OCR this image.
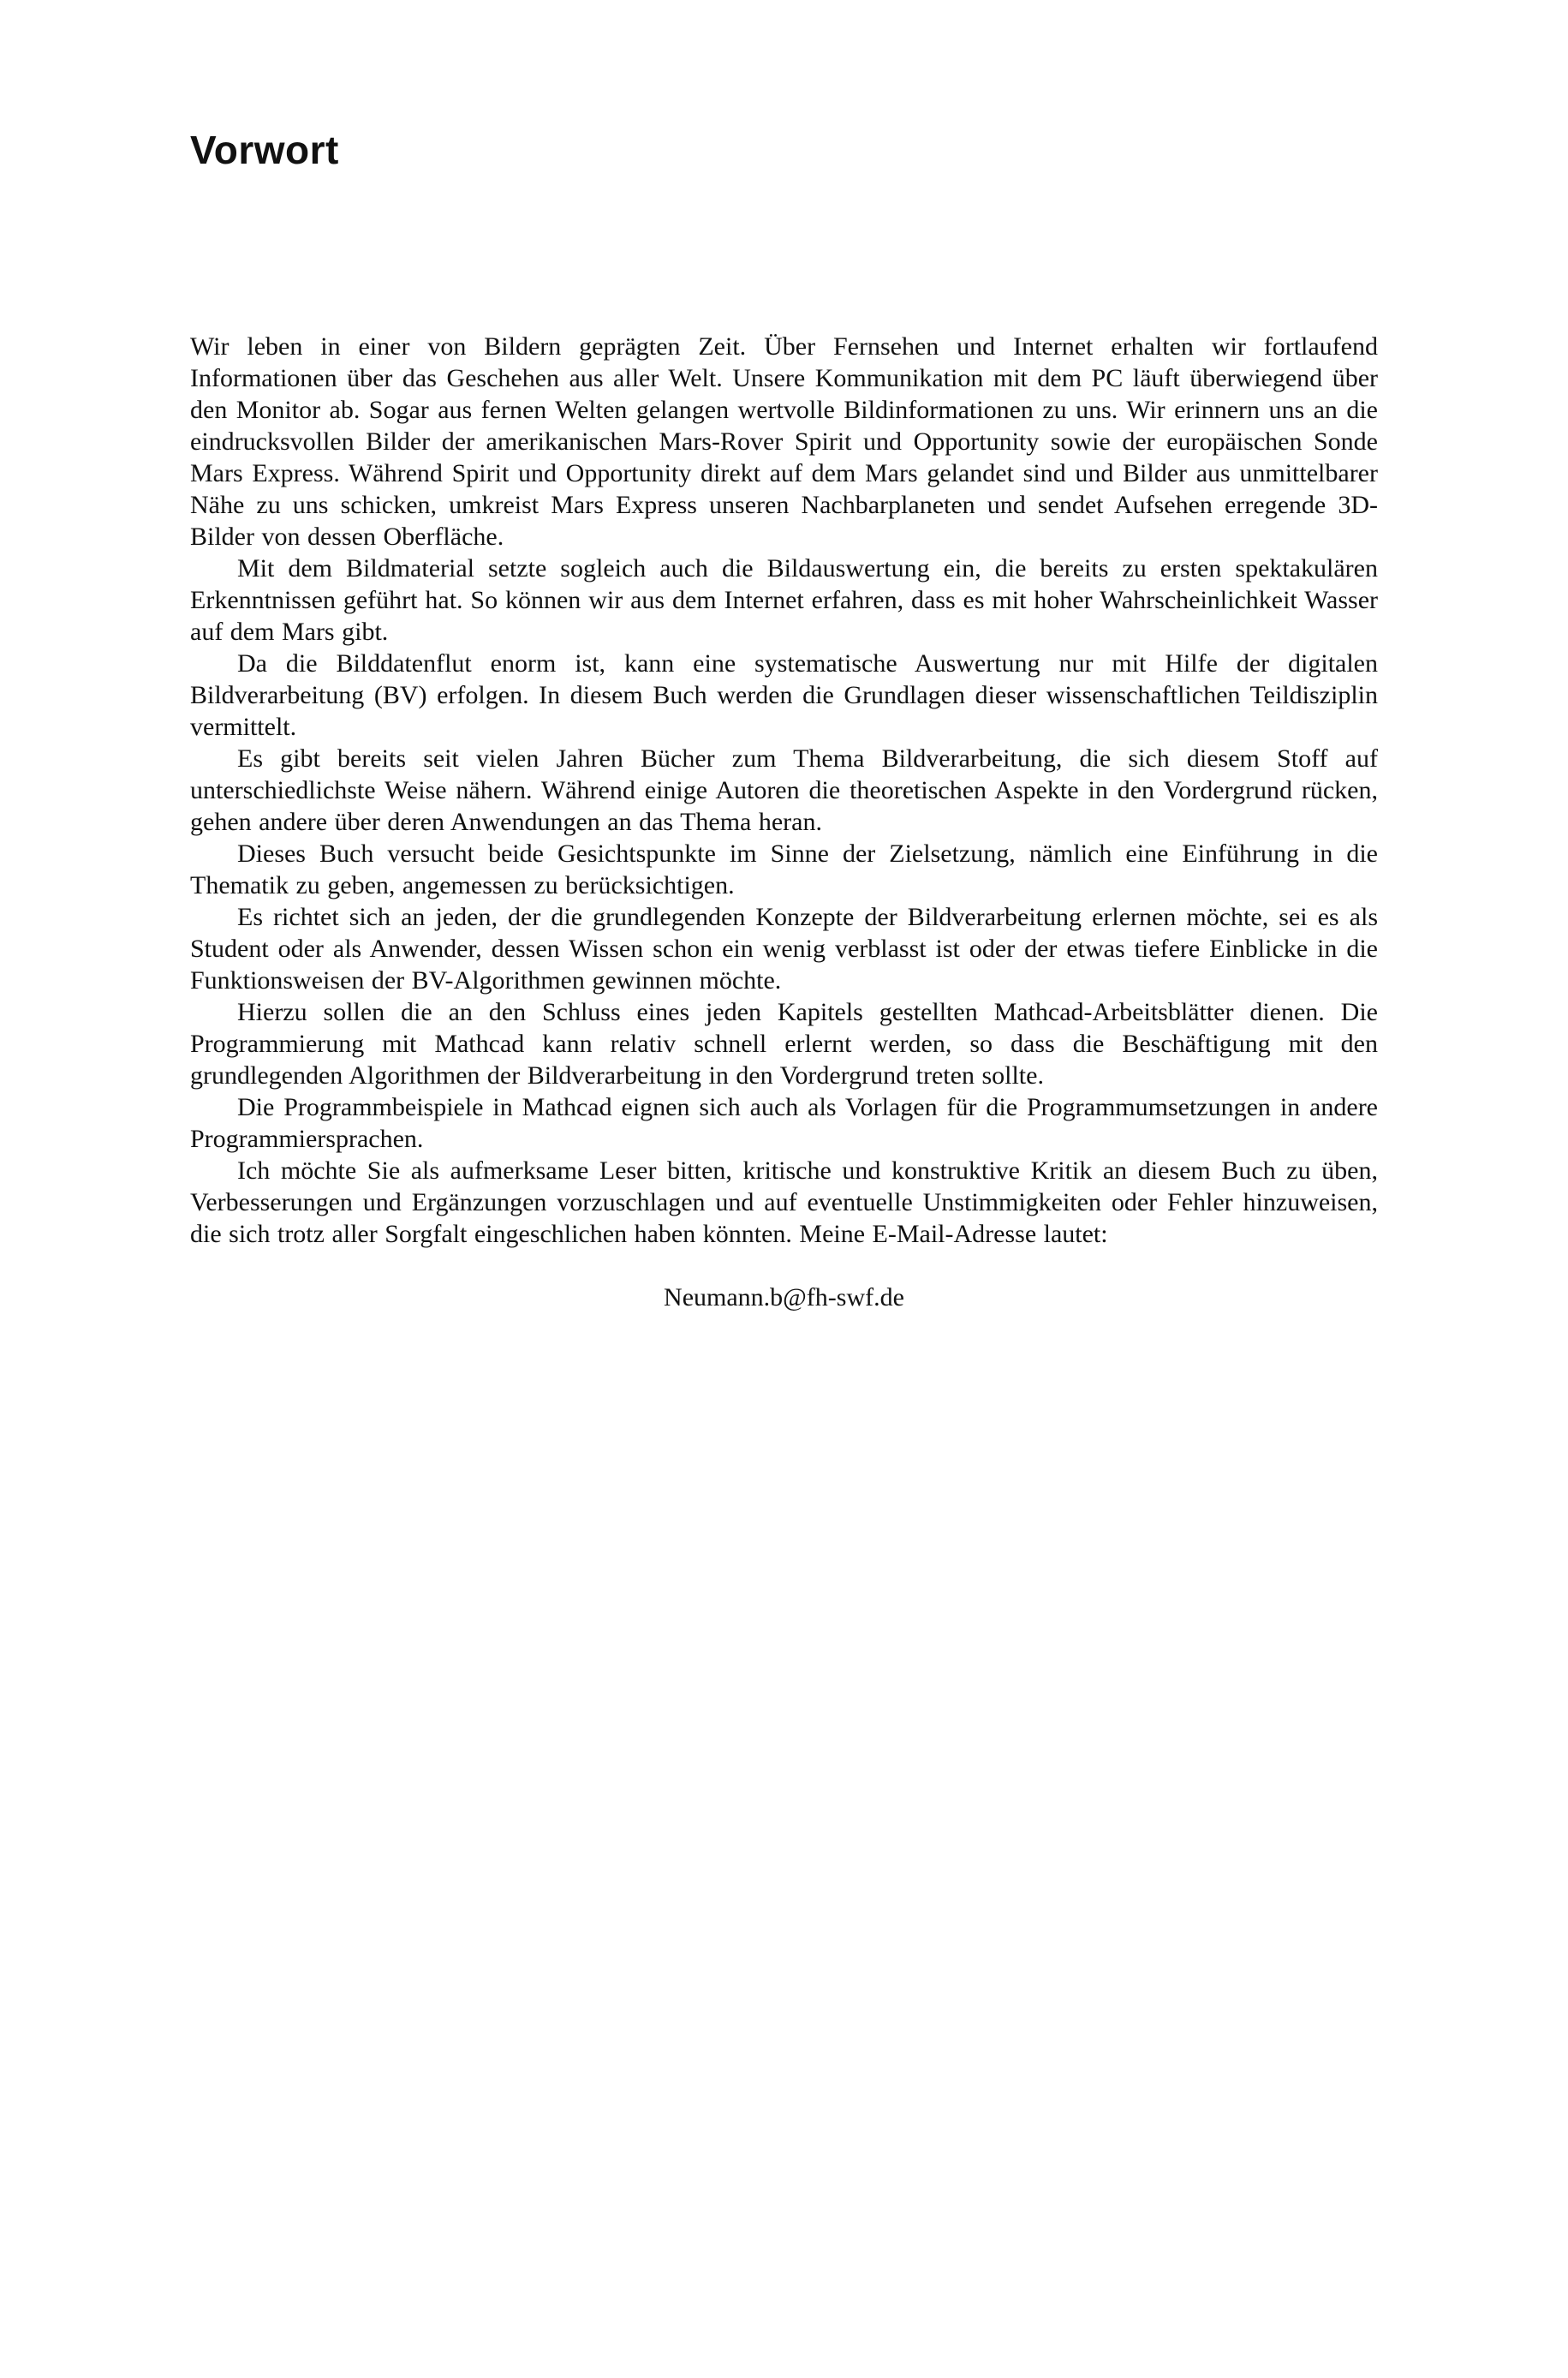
Vorwort

Wir leben in einer von Bildern geprägten Zeit. Über Fernsehen und Internet erhalten wir fortlaufend Informationen über das Geschehen aus aller Welt. Unsere Kommunikation mit dem PC läuft überwiegend über den Monitor ab. Sogar aus fernen Welten gelangen wertvolle Bildinformationen zu uns. Wir erinnern uns an die eindrucksvollen Bilder der amerikanischen Mars-Rover Spirit und Opportunity sowie der europäischen Sonde Mars Express. Während Spirit und Opportunity direkt auf dem Mars gelandet sind und Bilder aus unmittelbarer Nähe zu uns schicken, umkreist Mars Express unseren Nachbarplaneten und sendet Aufsehen erregende 3D-Bilder von dessen Oberfläche.

Mit dem Bildmaterial setzte sogleich auch die Bildauswertung ein, die bereits zu ersten spektakulären Erkenntnissen geführt hat. So können wir aus dem Internet erfahren, dass es mit hoher Wahrscheinlichkeit Wasser auf dem Mars gibt.

Da die Bilddatenflut enorm ist, kann eine systematische Auswertung nur mit Hilfe der digitalen Bildverarbeitung (BV) erfolgen. In diesem Buch werden die Grundlagen dieser wissenschaftlichen Teildisziplin vermittelt.

Es gibt bereits seit vielen Jahren Bücher zum Thema Bildverarbeitung, die sich diesem Stoff auf unterschiedlichste Weise nähern. Während einige Autoren die theoretischen Aspekte in den Vordergrund rücken, gehen andere über deren Anwendungen an das Thema heran.

Dieses Buch versucht beide Gesichtspunkte im Sinne der Zielsetzung, nämlich eine Einführung in die Thematik zu geben, angemessen zu berücksichtigen.

Es richtet sich an jeden, der die grundlegenden Konzepte der Bildverarbeitung erlernen möchte, sei es als Student oder als Anwender, dessen Wissen schon ein wenig verblasst ist oder der etwas tiefere Einblicke in die Funktionsweisen der BV-Algorithmen gewinnen möchte.

Hierzu sollen die an den Schluss eines jeden Kapitels gestellten Mathcad-Arbeitsblätter dienen. Die Programmierung mit Mathcad kann relativ schnell erlernt werden, so dass die Beschäftigung mit den grundlegenden Algorithmen der Bildverarbeitung in den Vordergrund treten sollte.

Die Programmbeispiele in Mathcad eignen sich auch als Vorlagen für die Programmumsetzungen in andere Programmiersprachen.

Ich möchte Sie als aufmerksame Leser bitten, kritische und konstruktive Kritik an diesem Buch zu üben, Verbesserungen und Ergänzungen vorzuschlagen und auf eventuelle Unstimmigkeiten oder Fehler hinzuweisen, die sich trotz aller Sorgfalt eingeschlichen haben könnten. Meine E-Mail-Adresse lautet:

Neumann.b@fh-swf.de
